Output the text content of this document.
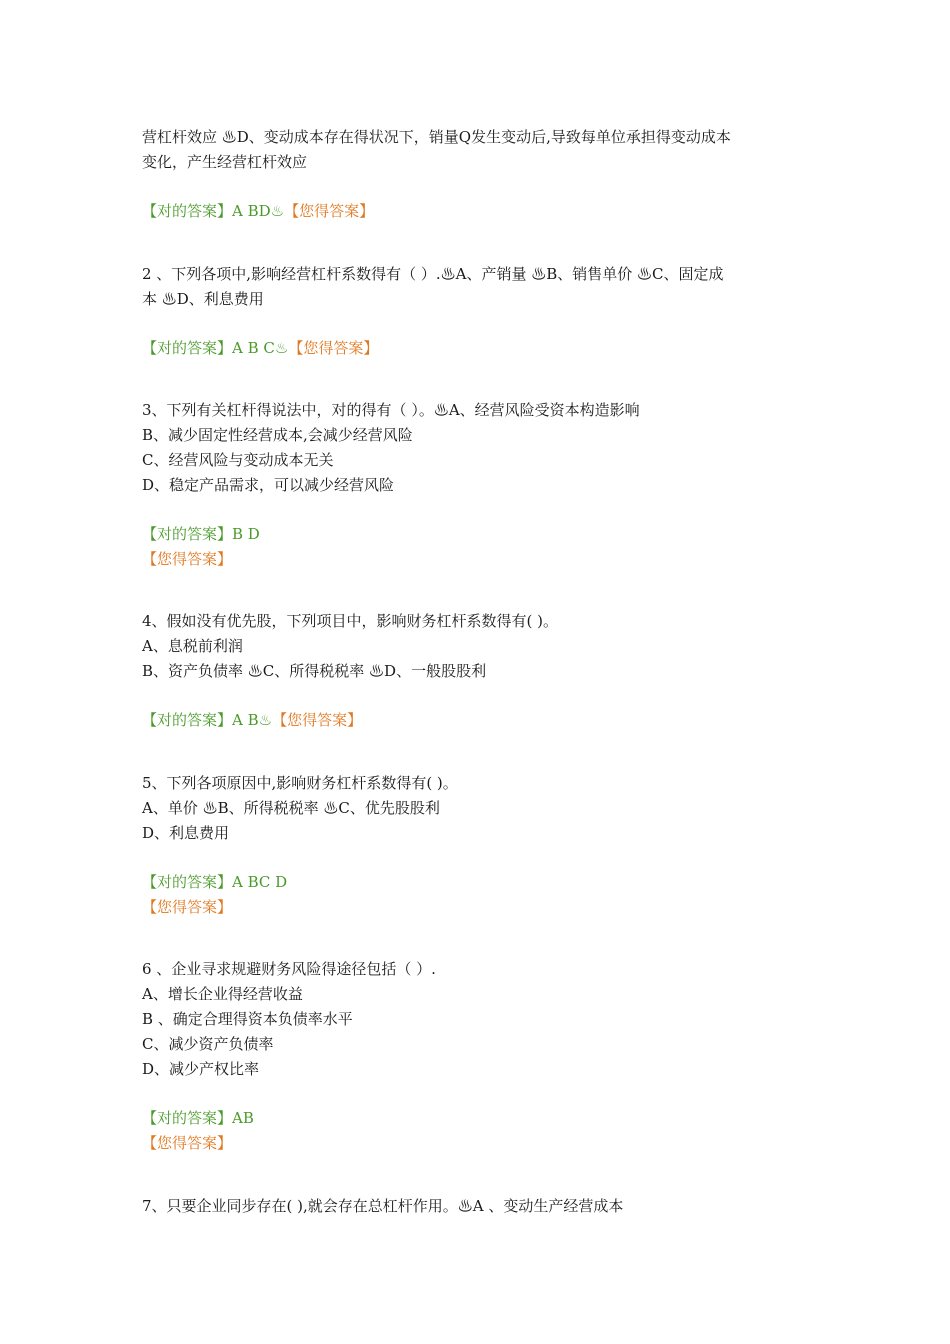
营杠杆效应 ♨D、变动成本存在得状况下，销量Q发生变动后,导致每单位承担得变动成本
变化，产生经营杠杆效应
【对的答案】A BD♨【您得答案】
2 、下列各项中,影响经营杠杆系数得有（ ）.♨A、产销量 ♨B、销售单价 ♨C、固定成
本 ♨D、利息费用
【对的答案】A B C♨【您得答案】
3、下列有关杠杆得说法中，对的得有（ ）。♨A、经营风险受资本构造影响
B、减少固定性经营成本,会减少经营风险
C、经营风险与变动成本无关
D、稳定产品需求，可以减少经营风险
【对的答案】B D
【您得答案】
4、假如没有优先股，下列项目中，影响财务杠杆系数得有( )。
A、息税前利润
B、资产负债率 ♨C、所得税税率 ♨D、一般股股利
【对的答案】A B♨【您得答案】
5、下列各项原因中,影响财务杠杆系数得有( )。
A、单价 ♨B、所得税税率 ♨C、优先股股利
D、利息费用
【对的答案】A BC D
【您得答案】
6 、企业寻求规避财务风险得途径包括（ ）.
A、增长企业得经营收益
B 、确定合理得资本负债率水平
C、减少资产负债率
D、减少产权比率
【对的答案】AB
【您得答案】
7、只要企业同步存在( ),就会存在总杠杆作用。♨A 、变动生产经营成本
